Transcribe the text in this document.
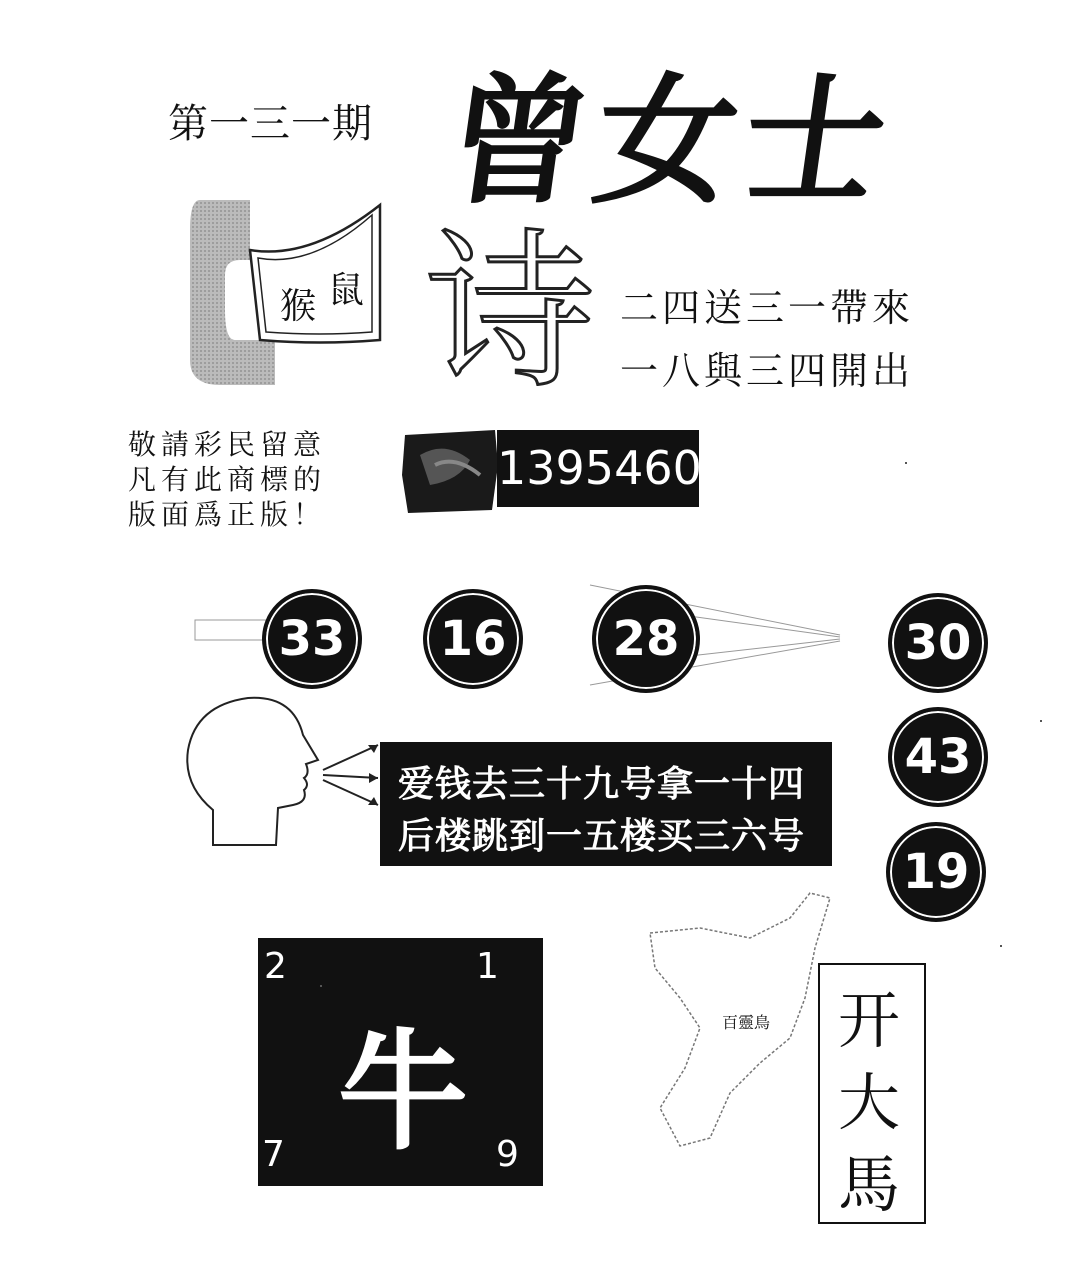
第一三一期 曾女士
猴 鼠 诗 二四送三一帶來
一八與三四開出
敬請彩民留意
凡有此商標的
版面爲正版！
1395460
33	16	28	30
43
19
爱钱去三十九号拿一十四
后楼跳到一五楼买三六号
2	1
7	9
牛	百靈鳥 开
大
馬
